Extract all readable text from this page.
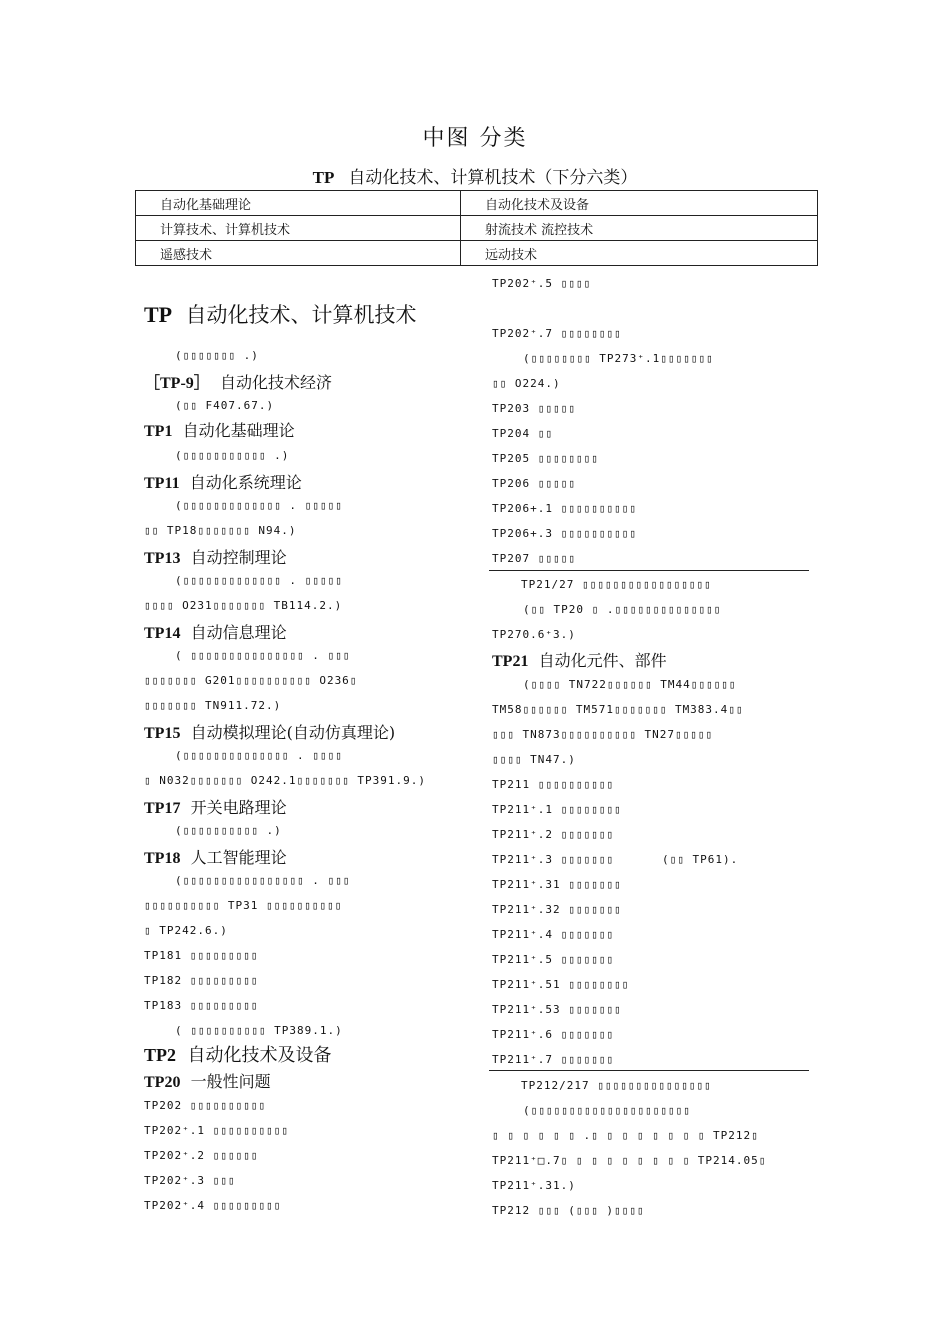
中图 分类
TP 自动化技术、计算机技术（下分六类）
自动化基础理论	自动化技术及设备
计算技术、计算机技术	射流技术 流控技术
遥感技术	远动技术
TP 自动化技术、计算机技术
(▯▯▯▯▯▯▯ .)
［TP-9］ 自动化技术经济
(▯▯ F407.67.)
TP1 自动化基础理论
(▯▯▯▯▯▯▯▯▯▯▯ .)
TP11 自动化系统理论
(▯▯▯▯▯▯▯▯▯▯▯▯▯ . ▯▯▯▯▯
▯▯ TP18▯▯▯▯▯▯▯ N94.)
TP13 自动控制理论
(▯▯▯▯▯▯▯▯▯▯▯▯▯ . ▯▯▯▯▯
▯▯▯▯ O231▯▯▯▯▯▯▯ TB114.2.)
TP14 自动信息理论
( ▯▯▯▯▯▯▯▯▯▯▯▯▯▯▯ . ▯▯▯
▯▯▯▯▯▯▯ G201▯▯▯▯▯▯▯▯▯▯ O236▯
▯▯▯▯▯▯▯ TN911.72.)
TP15 自动模拟理论(自动仿真理论)
(▯▯▯▯▯▯▯▯▯▯▯▯▯▯ . ▯▯▯▯
▯ N032▯▯▯▯▯▯▯ O242.1▯▯▯▯▯▯▯ TP391.9.)
TP17 开关电路理论
(▯▯▯▯▯▯▯▯▯▯ .)
TP18 人工智能理论
(▯▯▯▯▯▯▯▯▯▯▯▯▯▯▯▯ . ▯▯▯
▯▯▯▯▯▯▯▯▯▯ TP31 ▯▯▯▯▯▯▯▯▯▯
▯ TP242.6.)
TP181 ▯▯▯▯▯▯▯▯▯
TP182 ▯▯▯▯▯▯▯▯▯
TP183 ▯▯▯▯▯▯▯▯▯
( ▯▯▯▯▯▯▯▯▯▯ TP389.1.)
TP2 自动化技术及设备
TP20 一般性问题
TP202 ▯▯▯▯▯▯▯▯▯▯
TP202⁺.1 ▯▯▯▯▯▯▯▯▯▯
TP202⁺.2 ▯▯▯▯▯▯
TP202⁺.3 ▯▯▯
TP202⁺.4 ▯▯▯▯▯▯▯▯▯
TP202⁺.5 ▯▯▯▯
TP202⁺.7 ▯▯▯▯▯▯▯▯
(▯▯▯▯▯▯▯▯ TP273⁺.1▯▯▯▯▯▯▯
▯▯ O224.)
TP203 ▯▯▯▯▯
TP204 ▯▯
TP205 ▯▯▯▯▯▯▯▯
TP206 ▯▯▯▯▯
TP206+.1 ▯▯▯▯▯▯▯▯▯▯
TP206+.3 ▯▯▯▯▯▯▯▯▯▯
TP207 ▯▯▯▯▯
TP21/27 ▯▯▯▯▯▯▯▯▯▯▯▯▯▯▯▯▯
(▯▯ TP20 ▯ .▯▯▯▯▯▯▯▯▯▯▯▯▯▯
TP270.6⁺3.)
TP21 自动化元件、部件
(▯▯▯▯ TN722▯▯▯▯▯▯ TM44▯▯▯▯▯▯
TM58▯▯▯▯▯▯ TM571▯▯▯▯▯▯▯ TM383.4▯▯
▯▯▯ TN873▯▯▯▯▯▯▯▯▯▯ TN27▯▯▯▯▯
▯▯▯▯ TN47.)
TP211 ▯▯▯▯▯▯▯▯▯▯
TP211⁺.1 ▯▯▯▯▯▯▯▯
TP211⁺.2 ▯▯▯▯▯▯▯
TP211⁺.3 ▯▯▯▯▯▯▯	(▯▯ TP61).
TP211⁺.31 ▯▯▯▯▯▯▯
TP211⁺.32 ▯▯▯▯▯▯▯
TP211⁺.4 ▯▯▯▯▯▯▯
TP211⁺.5 ▯▯▯▯▯▯▯
TP211⁺.51 ▯▯▯▯▯▯▯▯
TP211⁺.53 ▯▯▯▯▯▯▯
TP211⁺.6 ▯▯▯▯▯▯▯
TP211⁺.7 ▯▯▯▯▯▯▯
TP212/217 ▯▯▯▯▯▯▯▯▯▯▯▯▯▯▯
(▯▯▯▯▯▯▯▯▯▯▯▯▯▯▯▯▯▯▯▯▯
▯ ▯ ▯ ▯ ▯ ▯ .▯ ▯ ▯ ▯ ▯ ▯ ▯ ▯ TP212▯
TP211⁺□.7▯ ▯ ▯ ▯ ▯ ▯ ▯ ▯ ▯ TP214.05▯
TP211⁺.31.)
TP212 ▯▯▯ (▯▯▯ )▯▯▯▯
